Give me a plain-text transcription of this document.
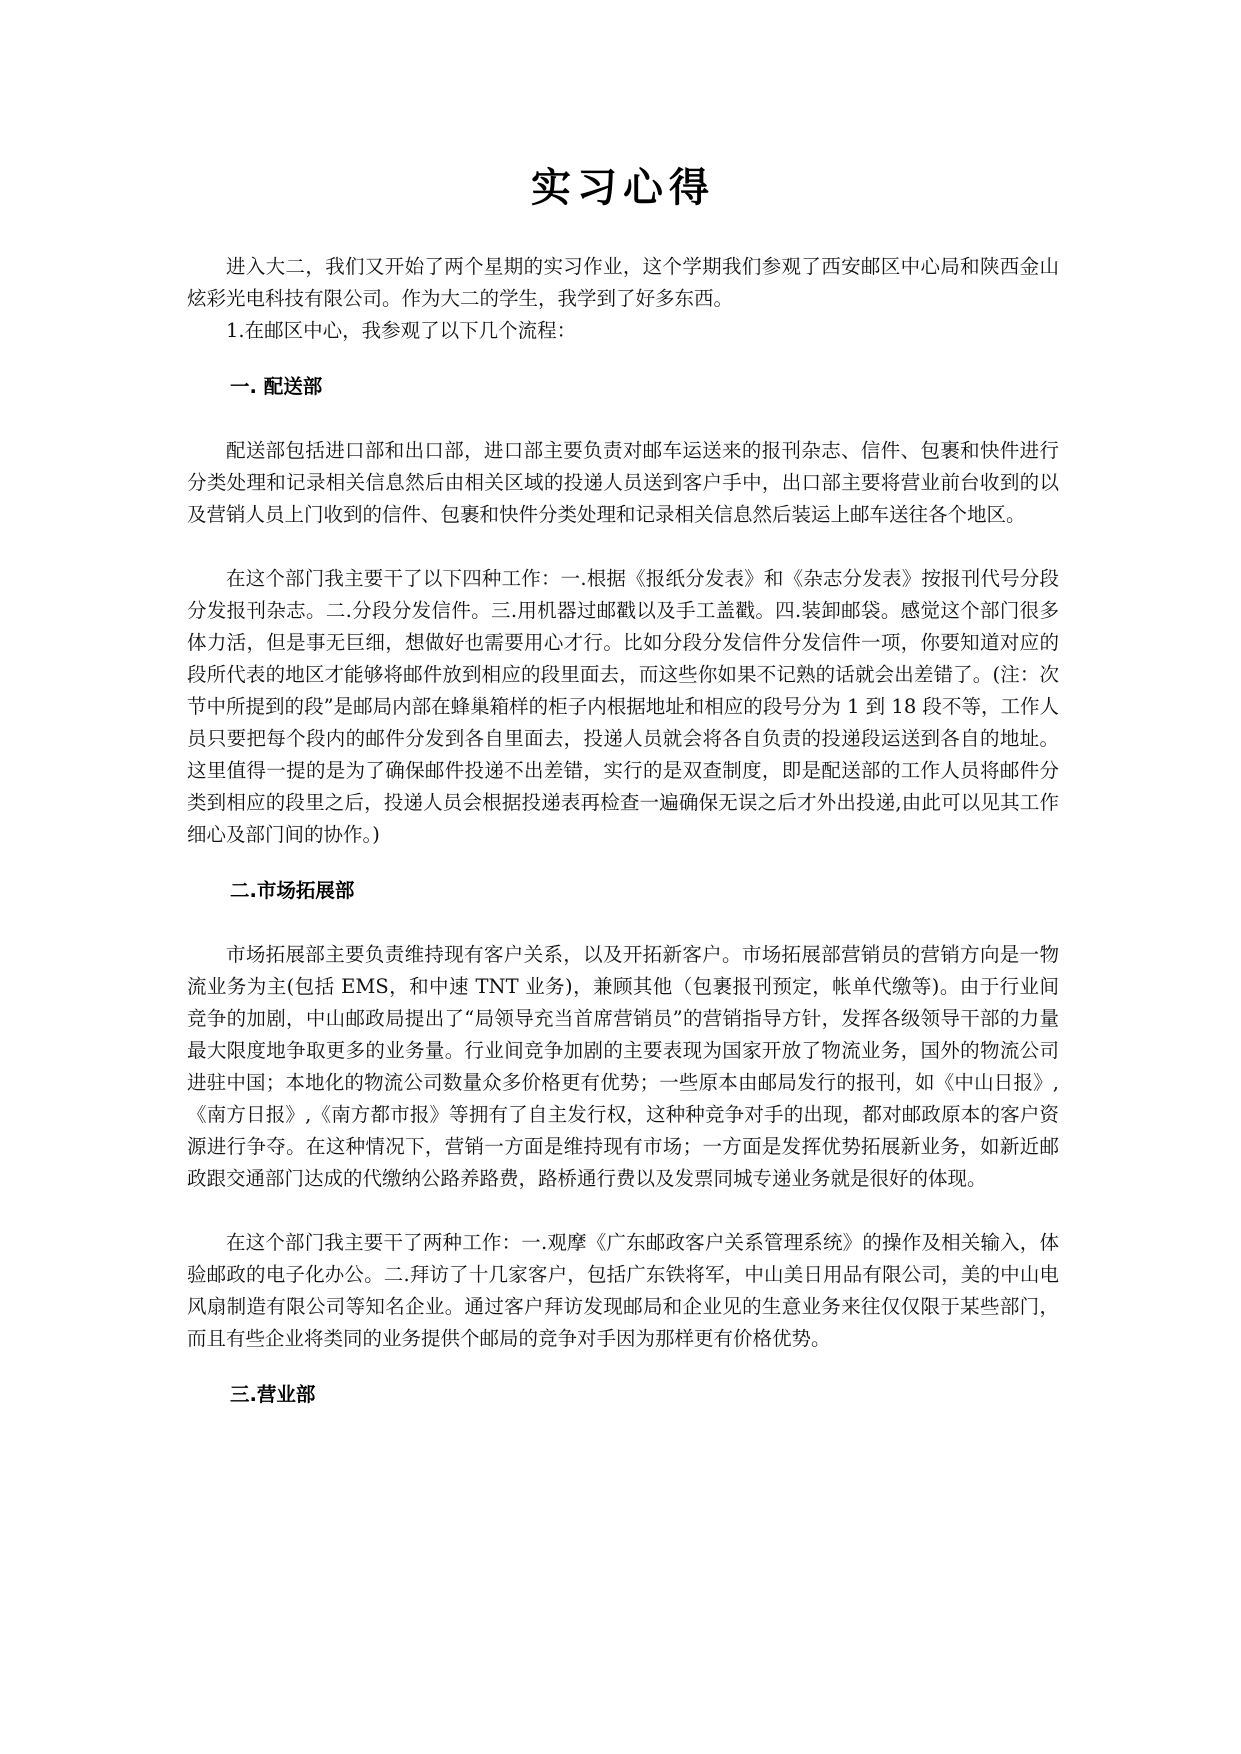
实习心得

进入大二，我们又开始了两个星期的实习作业，这个学期我们参观了西安邮区中心局和陕西金山炫彩光电科技有限公司。作为大二的学生，我学到了好多东西。

1.在邮区中心，我参观了以下几个流程：

一. 配送部

配送部包括进口部和出口部，进口部主要负责对邮车运送来的报刊杂志、信件、包裹和快件进行分类处理和记录相关信息然后由相关区域的投递人员送到客户手中，出口部主要将营业前台收到的以及营销人员上门收到的信件、包裹和快件分类处理和记录相关信息然后装运上邮车送往各个地区。

在这个部门我主要干了以下四种工作：一.根据《报纸分发表》和《杂志分发表》按报刊代号分段分发报刊杂志。二.分段分发信件。三.用机器过邮戳以及手工盖戳。四.装卸邮袋。感觉这个部门很多体力活，但是事无巨细，想做好也需要用心才行。比如分段分发信件分发信件一项，你要知道对应的段所代表的地区才能够将邮件放到相应的段里面去，而这些你如果不记熟的话就会出差错了。(注：次节中所提到的段”是邮局内部在蜂巢箱样的柜子内根据地址和相应的段号分为 1 到 18 段不等，工作人员只要把每个段内的邮件分发到各自里面去，投递人员就会将各自负责的投递段运送到各自的地址。这里值得一提的是为了确保邮件投递不出差错，实行的是双查制度，即是配送部的工作人员将邮件分类到相应的段里之后，投递人员会根据投递表再检查一遍确保无误之后才外出投递,由此可以见其工作细心及部门间的协作。)

二.市场拓展部

市场拓展部主要负责维持现有客户关系，以及开拓新客户。市场拓展部营销员的营销方向是一物流业务为主(包括 EMS，和中速 TNT 业务)，兼顾其他（包裹报刊预定，帐单代缴等)。由于行业间竞争的加剧，中山邮政局提出了“局领导充当首席营销员”的营销指导方针，发挥各级领导干部的力量最大限度地争取更多的业务量。行业间竞争加剧的主要表现为国家开放了物流业务，国外的物流公司进驻中国；本地化的物流公司数量众多价格更有优势；一些原本由邮局发行的报刊，如《中山日报》,《南方日报》,《南方都市报》等拥有了自主发行权，这种种竞争对手的出现，都对邮政原本的客户资源进行争夺。在这种情况下，营销一方面是维持现有市场；一方面是发挥优势拓展新业务，如新近邮政跟交通部门达成的代缴纳公路养路费，路桥通行费以及发票同城专递业务就是很好的体现。

在这个部门我主要干了两种工作：一.观摩《广东邮政客户关系管理系统》的操作及相关输入，体验邮政的电子化办公。二.拜访了十几家客户，包括广东铁将军，中山美日用品有限公司，美的中山电风扇制造有限公司等知名企业。通过客户拜访发现邮局和企业见的生意业务来往仅仅限于某些部门，而且有些企业将类同的业务提供个邮局的竞争对手因为那样更有价格优势。

三.营业部
